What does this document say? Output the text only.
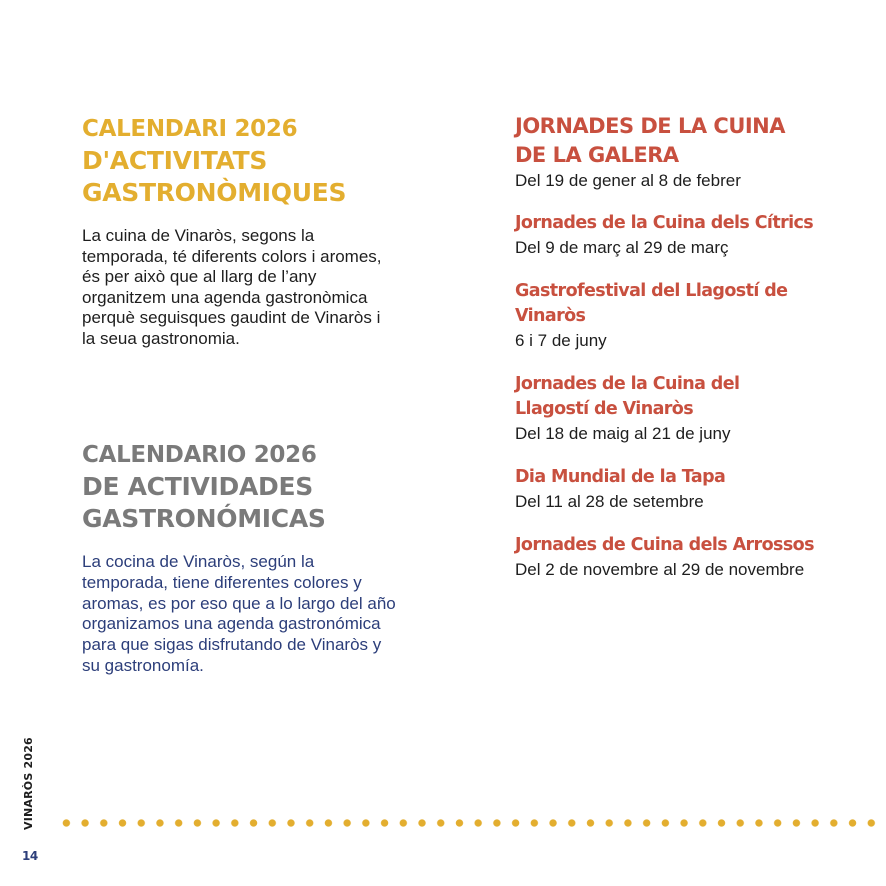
CALENDARI 2026
D'ACTIVITATS
GASTRONÒMIQUES

La cuina de Vinaròs, segons la temporada, té diferents colors i aromes, és per això que al llarg de l’any organitzem una agenda gastronòmica perquè seguisques gaudint de Vinaròs i la seua gastronomia.

CALENDARIO 2026
DE ACTIVIDADES
GASTRONÓMICAS

La cocina de Vinaròs, según la temporada, tiene diferentes colores y aromas, es por eso que a lo largo del año organizamos una agenda gastronómica para que sigas disfrutando de Vinaròs y su gastronomía.

JORNADES DE LA CUINA DE LA GALERA

Del 19 de gener al 8 de febrer

Jornades de la Cuina dels Cítrics

Del 9 de març al 29 de març

Gastrofestival del Llagostí de Vinaròs

6 i 7 de juny

Jornades de la Cuina del Llagostí de Vinaròs

Del 18 de maig al 21 de juny

Dia Mundial de la Tapa

Del 11 al 28 de setembre

Jornades de Cuina dels Arrossos

Del 2 de novembre al 29 de novembre

VINARÒS 2026
14
